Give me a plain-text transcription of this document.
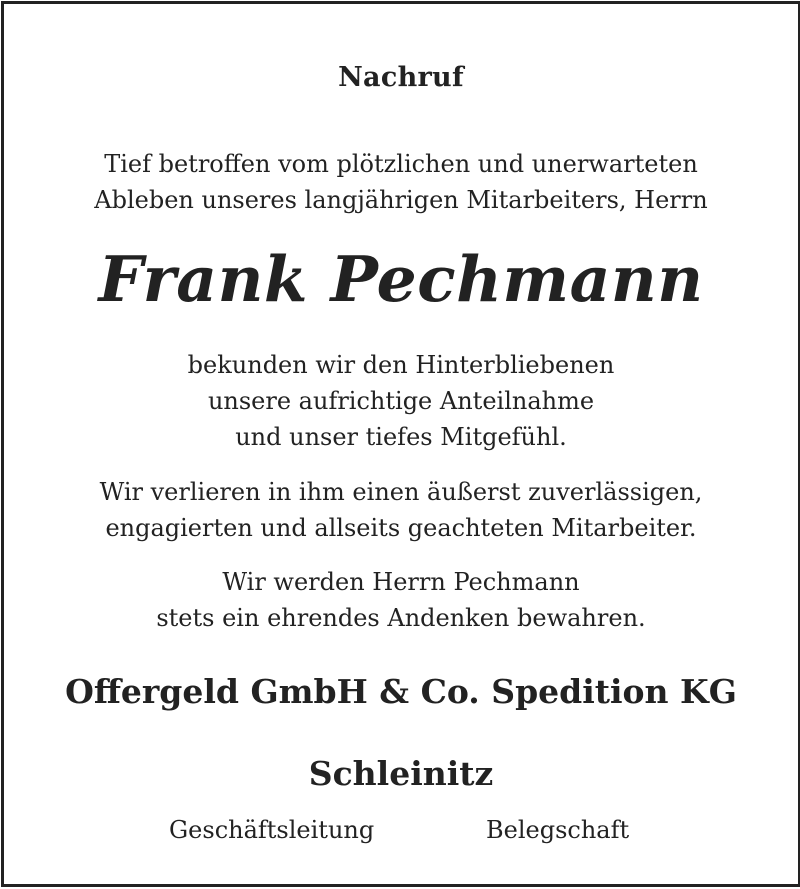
Nachruf
Tief betroffen vom plötzlichen und unerwarteten
Ableben unseres langjährigen Mitarbeiters, Herrn
Frank Pechmann
bekunden wir den Hinterbliebenen
unsere aufrichtige Anteilnahme
und unser tiefes Mitgefühl.
Wir verlieren in ihm einen äußerst zuverlässigen,
engagierten und allseits geachteten Mitarbeiter.
Wir werden Herrn Pechmann
stets ein ehrendes Andenken bewahren.
Offergeld GmbH & Co. Spedition KG
Schleinitz
Geschäftsleitung	Belegschaft
